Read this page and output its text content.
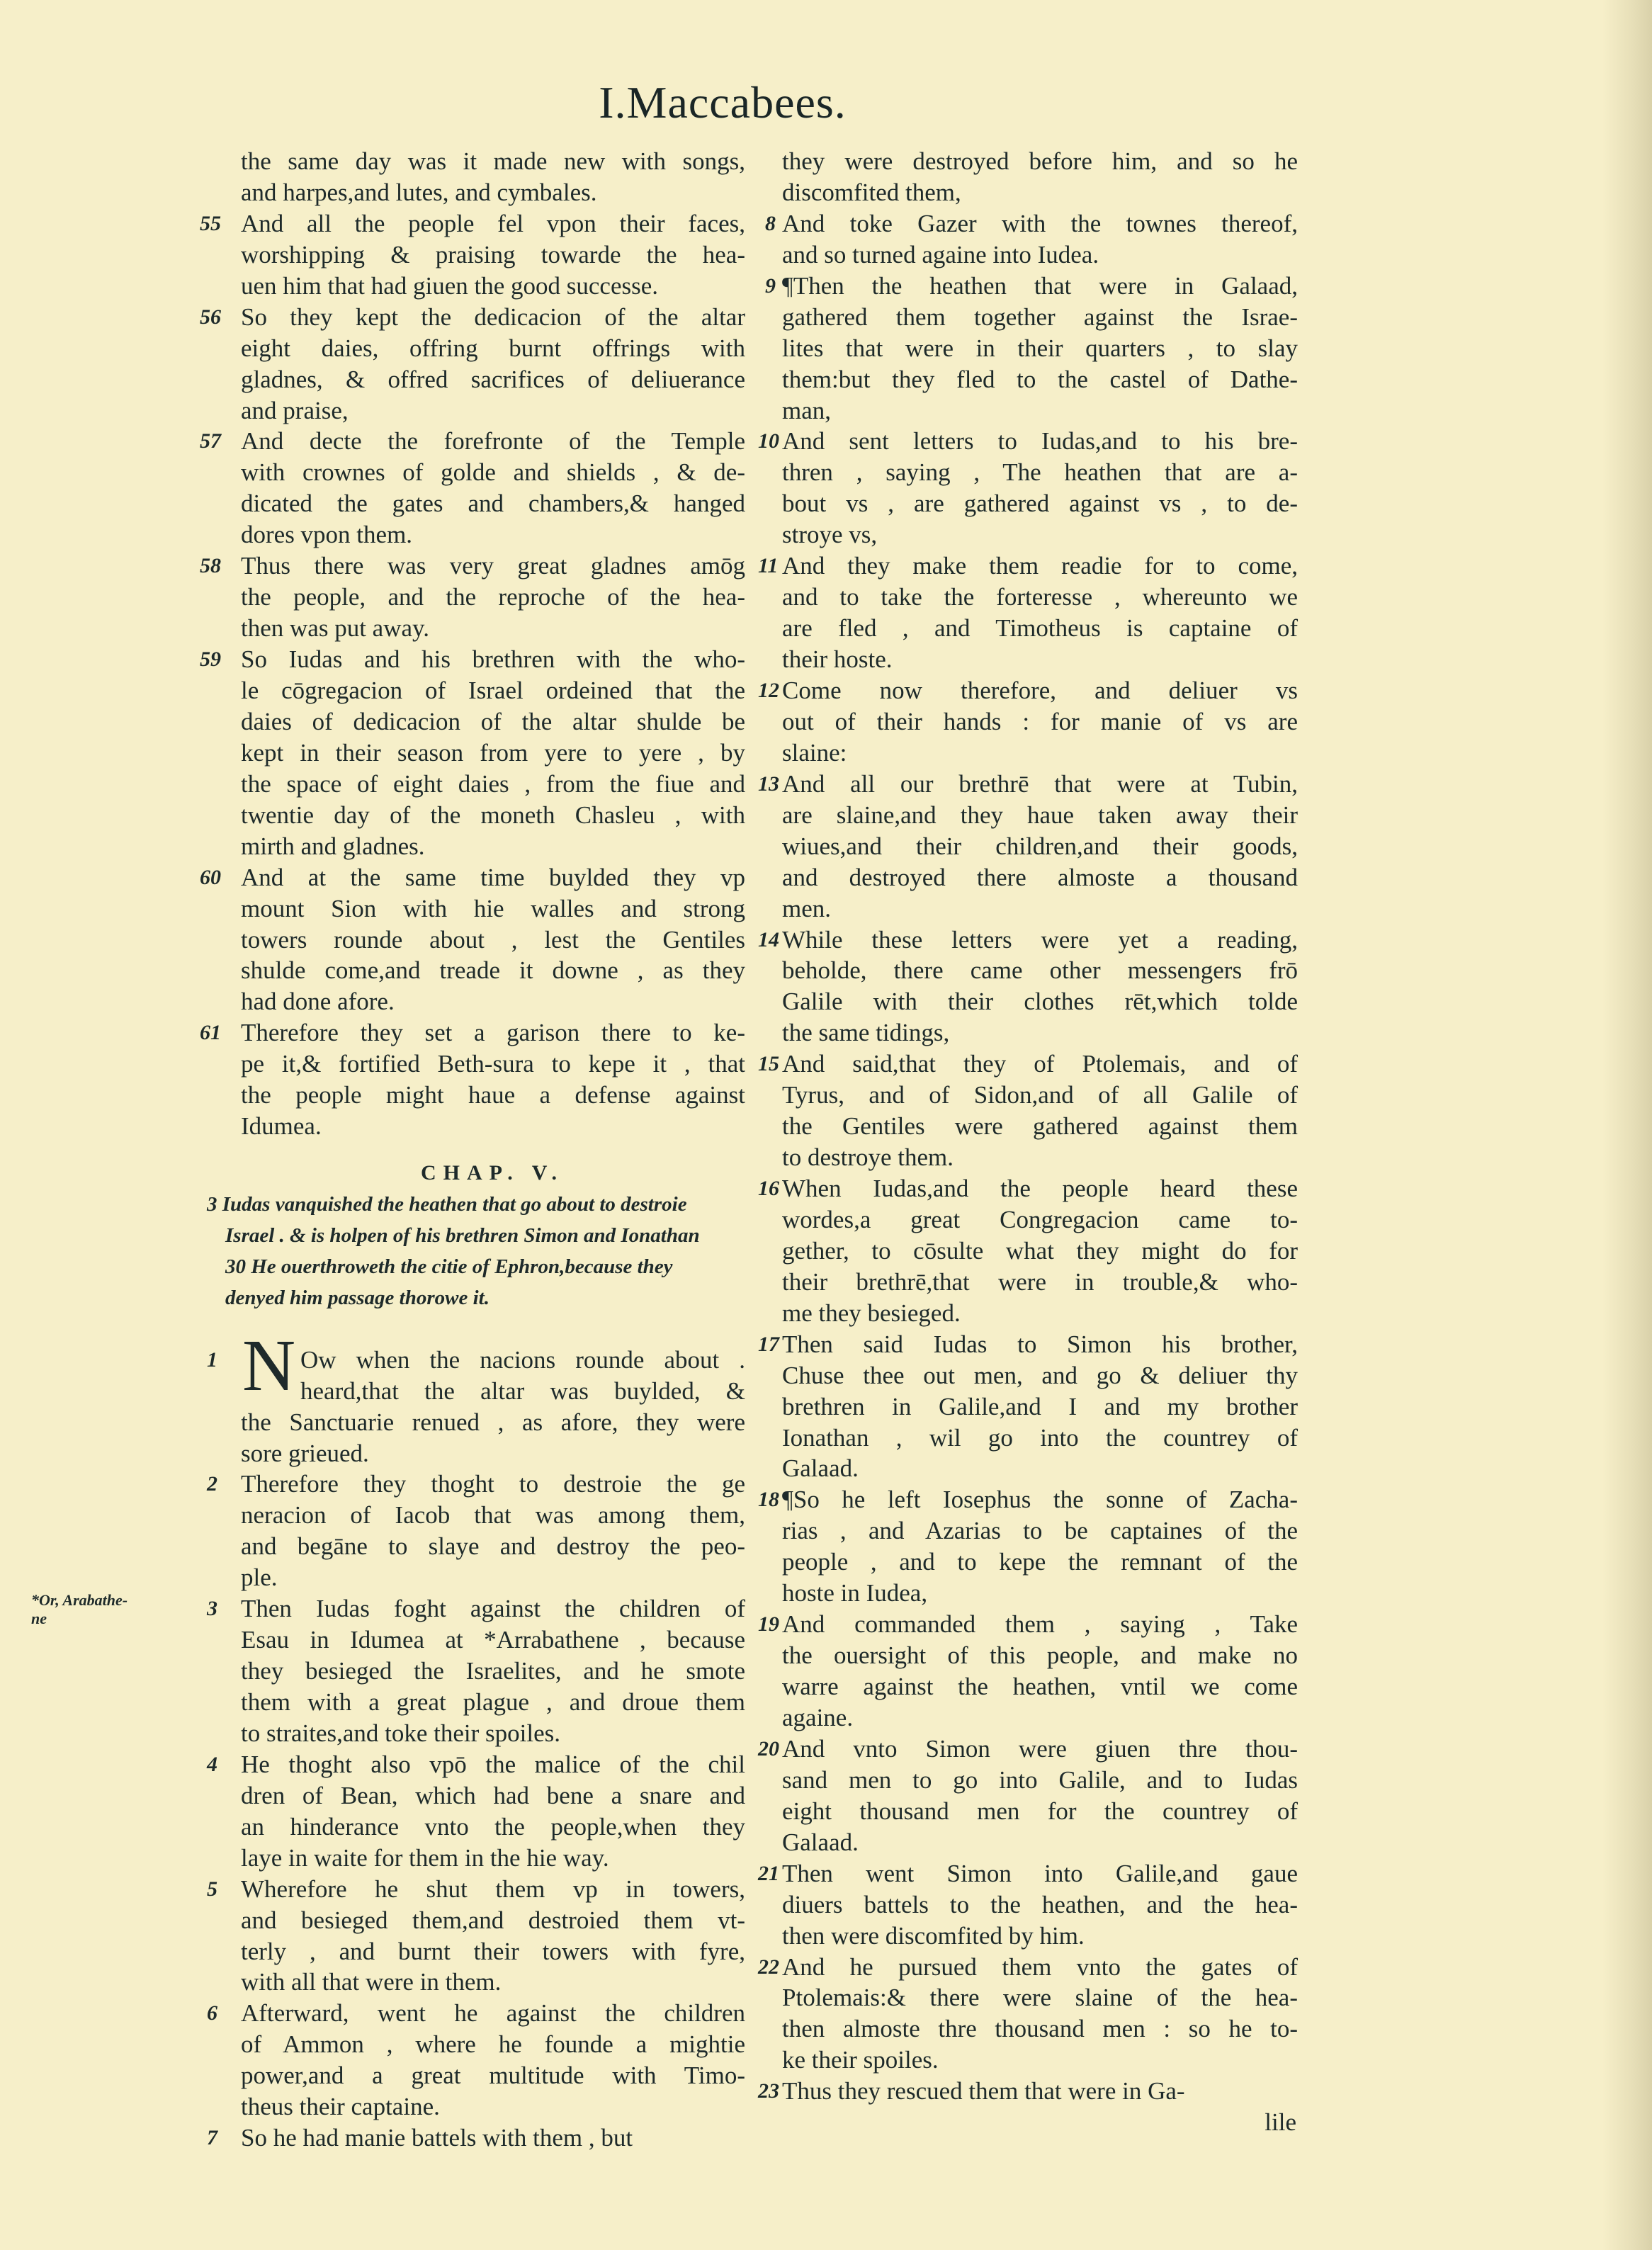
I.Maccabees.
the same day was it made new with songs,
and harpes,and lutes, and cymbales.
And all the people fel vpon their faces,
55
worshipping & praising towarde the hea-
uen him that had giuen the good successe.
So they kept the dedicacion of the altar
56
eight daies, offring burnt offrings with
gladnes, & offred sacrifices of deliuerance
and praise,
And decte the forefronte of the Temple
57
with crownes of golde and shields , & de-
dicated the gates and chambers,& hanged
dores vpon them.
Thus there was very great gladnes amōg
58
the people, and the reproche of the hea-
then was put away.
So Iudas and his brethren with the who-
59
le cōgregacion of Israel ordeined that the
daies of dedicacion of the altar shulde be
kept in their season from yere to yere , by
the space of eight daies , from the fiue and
twentie day of the moneth Chasleu , with
mirth and gladnes.
And at the same time buylded they vp
60
mount Sion with hie walles and strong
towers rounde about , lest the Gentiles
shulde come,and treade it downe , as they
had done afore.
Therefore they set a garison there to ke-
61
pe it,& fortified Beth-sura to kepe it , that
the people might haue a defense against
Idumea.
CHAP. V.
3 Iudas vanquished the heathen that go about to destroie
Israel . & is holpen of his brethren Simon and Ionathan
30 He ouerthroweth the citie of Ephron,because they
denyed him passage thorowe it.
N Ow when the nacions rounde about .
1
heard,that the altar was buylded, &
the Sanctuarie renued , as afore, they were
sore grieued.
Therefore they thoght to destroie the ge
2
neracion of Iacob that was among them,
and begāne to slaye and destroy the peo-
ple.
Then Iudas foght against the children of
3
Esau in Idumea at *Arrabathene , because
they besieged the Israelites, and he smote
them with a great plague , and droue them
to straites,and toke their spoiles.
He thoght also vpō the malice of the chil
4
dren of Bean, which had bene a snare and
an hinderance vnto the people,when they
laye in waite for them in the hie way.
Wherefore he shut them vp in towers,
5
and besieged them,and destroied them vt-
terly , and burnt their towers with fyre,
with all that were in them.
Afterward, went he against the children
6
of Ammon , where he founde a mightie
power,and a great multitude with Timo-
theus their captaine.
So he had manie battels with them , but
7
*Or, Arabathe-
ne
they were destroyed before him, and so he
discomfited them,
And toke Gazer with the townes thereof,
8
and so turned againe into Iudea.
¶Then the heathen that were in Galaad,
9
gathered them together against the Israe-
lites that were in their quarters , to slay
them:but they fled to the castel of Dathe-
man,
And sent letters to Iudas,and to his bre-
10
thren , saying , The heathen that are a-
bout vs , are gathered against vs , to de-
stroye vs,
And they make them readie for to come,
11
and to take the forteresse , whereunto we
are fled , and Timotheus is captaine of
their hoste.
Come now therefore, and deliuer vs
12
out of their hands : for manie of vs are
slaine:
And all our brethrē that were at Tubin,
13
are slaine,and they haue taken away their
wiues,and their children,and their goods,
and destroyed there almoste a thousand
men.
While these letters were yet a reading,
14
beholde, there came other messengers frō
Galile with their clothes rēt,which tolde
the same tidings,
And said,that they of Ptolemais, and of
15
Tyrus, and of Sidon,and of all Galile of
the Gentiles were gathered against them
to destroye them.
When Iudas,and the people heard these
16
wordes,a great Congregacion came to-
gether, to cōsulte what they might do for
their brethrē,that were in trouble,& who-
me they besieged.
Then said Iudas to Simon his brother,
17
Chuse thee out men, and go & deliuer thy
brethren in Galile,and I and my brother
Ionathan , wil go into the countrey of
Galaad.
¶So he left Iosephus the sonne of Zacha-
18
rias , and Azarias to be captaines of the
people , and to kepe the remnant of the
hoste in Iudea,
And commanded them , saying , Take
19
the ouersight of this people, and make no
warre against the heathen, vntil we come
againe.
And vnto Simon were giuen thre thou-
20
sand men to go into Galile, and to Iudas
eight thousand men for the countrey of
Galaad.
Then went Simon into Galile,and gaue
21
diuers battels to the heathen, and the hea-
then were discomfited by him.
And he pursued them vnto the gates of
22
Ptolemais:& there were slaine of the hea-
then almoste thre thousand men : so he to-
ke their spoiles.
Thus they rescued them that were in Ga-
23
lile
